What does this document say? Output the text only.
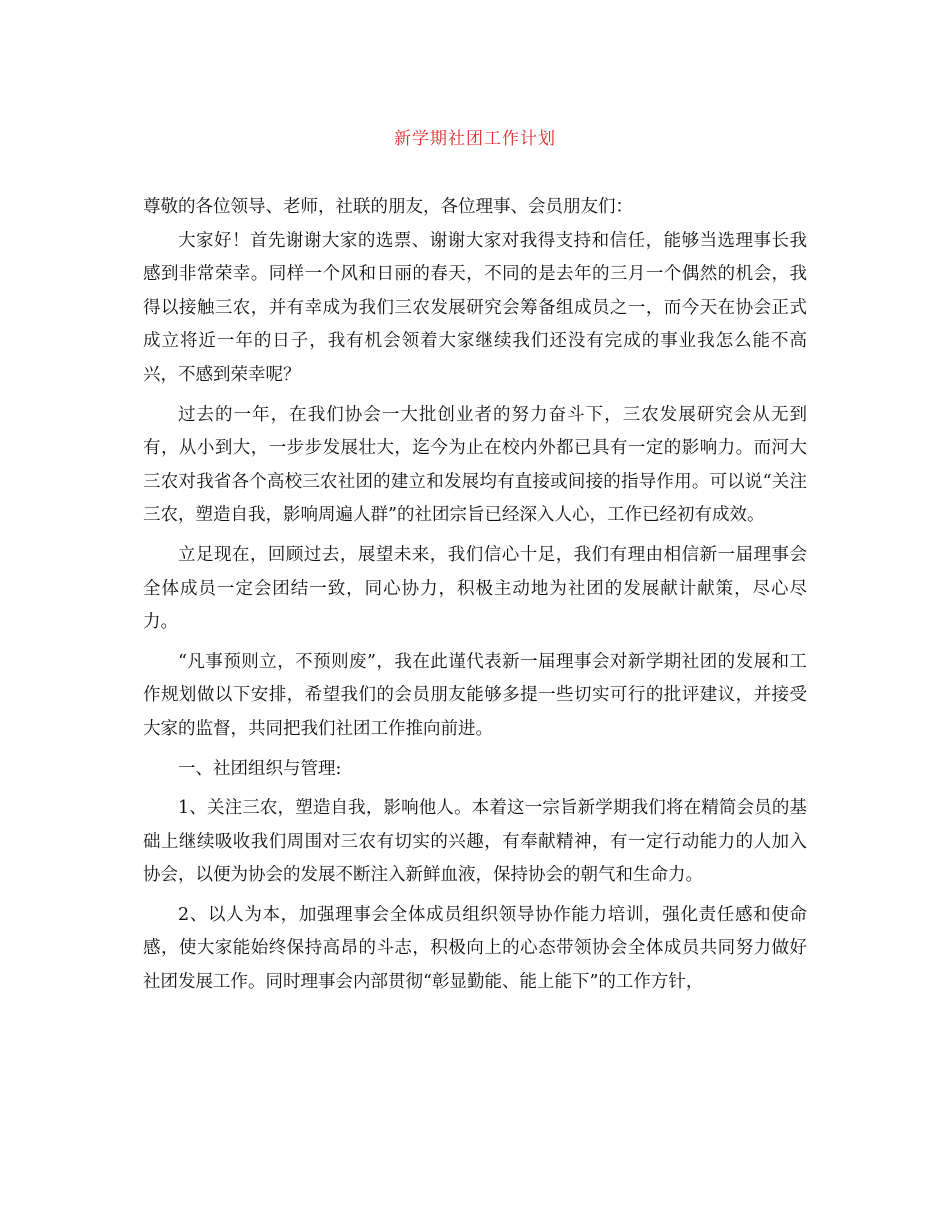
新学期社团工作计划

尊敬的各位领导、老师，社联的朋友，各位理事、会员朋友们：

大家好！首先谢谢大家的选票、谢谢大家对我得支持和信任，能够当选理事长我感到非常荣幸。同样一个风和日丽的春天，不同的是去年的三月一个偶然的机会，我得以接触三农，并有幸成为我们三农发展研究会筹备组成员之一，而今天在协会正式成立将近一年的日子，我有机会领着大家继续我们还没有完成的事业我怎么能不高兴，不感到荣幸呢？

过去的一年，在我们协会一大批创业者的努力奋斗下，三农发展研究会从无到有，从小到大，一步步发展壮大，迄今为止在校内外都已具有一定的影响力。而河大三农对我省各个高校三农社团的建立和发展均有直接或间接的指导作用。可以说“关注三农，塑造自我，影响周遍人群”的社团宗旨已经深入人心，工作已经初有成效。

立足现在，回顾过去，展望未来，我们信心十足，我们有理由相信新一届理事会全体成员一定会团结一致，同心协力，积极主动地为社团的发展献计献策，尽心尽力。

“凡事预则立，不预则废”，我在此谨代表新一届理事会对新学期社团的发展和工作规划做以下安排，希望我们的会员朋友能够多提一些切实可行的批评建议，并接受大家的监督，共同把我们社团工作推向前进。

一、社团组织与管理:

1、关注三农，塑造自我，影响他人。本着这一宗旨新学期我们将在精简会员的基础上继续吸收我们周围对三农有切实的兴趣，有奉献精神，有一定行动能力的人加入协会，以便为协会的发展不断注入新鲜血液，保持协会的朝气和生命力。

2、以人为本，加强理事会全体成员组织领导协作能力培训，强化责任感和使命感，使大家能始终保持高昂的斗志，积极向上的心态带领协会全体成员共同努力做好社团发展工作。同时理事会内部贯彻“彰显勤能、能上能下”的工作方针，
